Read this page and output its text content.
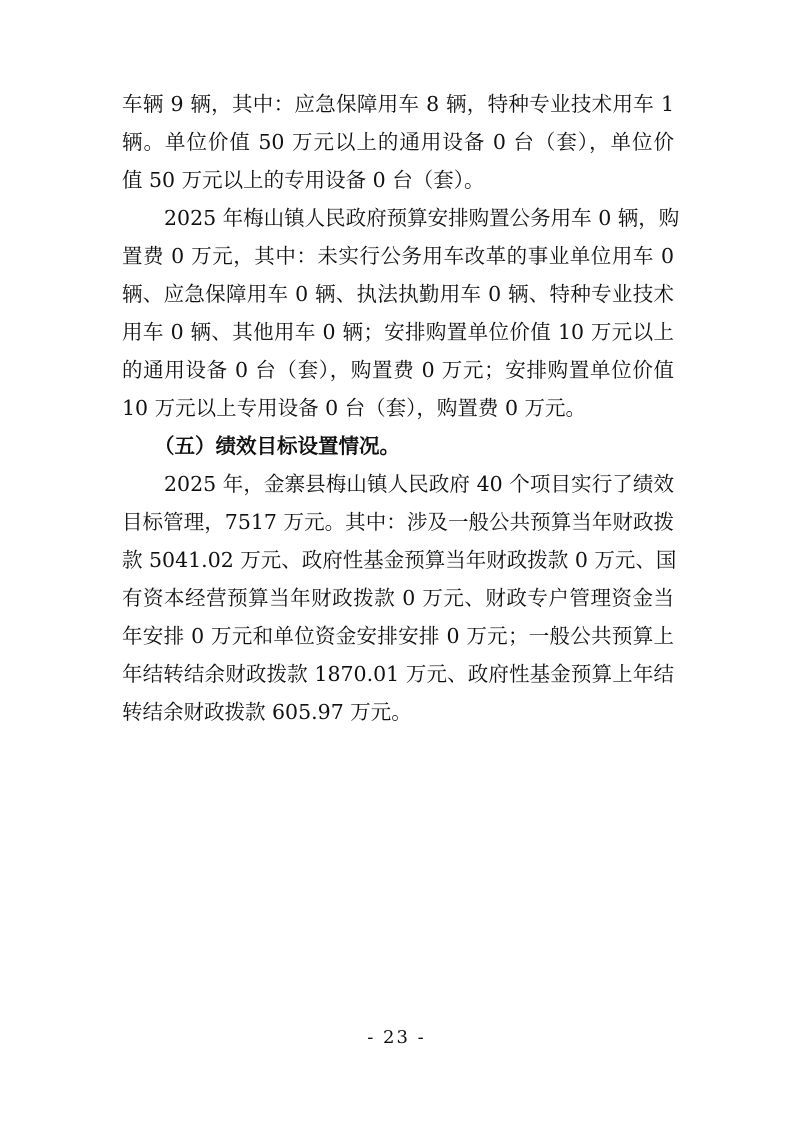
车辆 9 辆，其中：应急保障用车 8 辆，特种专业技术用车 1
辆。单位价值 50 万元以上的通用设备 0 台（套），单位价
值 50 万元以上的专用设备 0 台（套）。
2025 年梅山镇人民政府预算安排购置公务用车 0 辆，购
置费 0 万元，其中：未实行公务用车改革的事业单位用车 0
辆、应急保障用车 0 辆、执法执勤用车 0 辆、特种专业技术
用车 0 辆、其他用车 0 辆；安排购置单位价值 10 万元以上
的通用设备 0 台（套），购置费 0 万元；安排购置单位价值
10 万元以上专用设备 0 台（套），购置费 0 万元。
（五）绩效目标设置情况。
2025 年，金寨县梅山镇人民政府 40 个项目实行了绩效
目标管理，7517 万元。其中：涉及一般公共预算当年财政拨
款 5041.02 万元、政府性基金预算当年财政拨款 0 万元、国
有资本经营预算当年财政拨款 0 万元、财政专户管理资金当
年安排 0 万元和单位资金安排安排 0 万元；一般公共预算上
年结转结余财政拨款 1870.01 万元、政府性基金预算上年结
转结余财政拨款 605.97 万元。
- 23 -
